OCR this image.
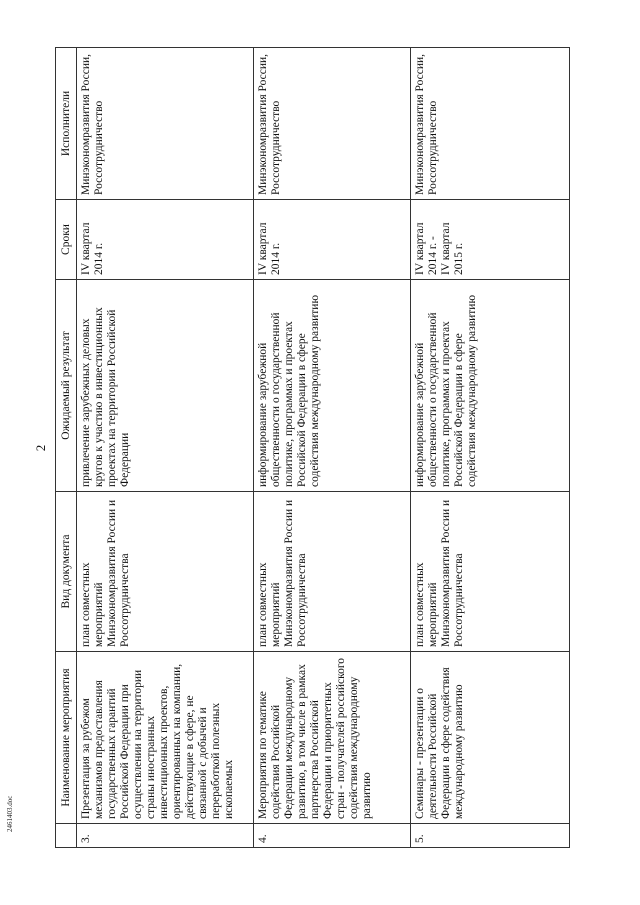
2
	Наименование мероприятия	Вид документа	Ожидаемый результат	Сроки	Исполнители
3.	Презентация за рубежом механизмов предоставления государственных гарантий Российской Федерации при осуществлении на территории страны иностранных инвестиционных проектов, ориентированных на компании, действующие в сфере, не связанной с добычей и переработкой полезных ископаемых	план совместных мероприятий Минэкономразвития России и Россотрудничества	привлечение зарубежных деловых кругов к участию в инвестиционных проектах на территории Российской Федерации	IV квартал 2014 г.	Минэкономразвития России, Россотрудничество
4.	Мероприятия по тематике содействия Российской Федерации международному развитию, в том числе в рамках партнерства Российской Федерации и приоритетных стран - получателей российского содействия международному развитию	план совместных мероприятий Минэкономразвития России и Россотрудничества	информирование зарубежной общественности о государственной политике, программах и проектах Российской Федерации в сфере содействия международному развитию	IV квартал 2014 г.	Минэкономразвития России, Россотрудничество
5.	Семинары - презентации о деятельности Российской Федерации в сфере содействия международному развитию	план совместных мероприятий Минэкономразвития России и Россотрудничества	информирование зарубежной общественности о государственной политике, программах и проектах Российской Федерации в сфере содействия международному развитию	IV квартал 2014 г. - IV квартал 2015 г.	Минэкономразвития России, Россотрудничество
2461403.doc
